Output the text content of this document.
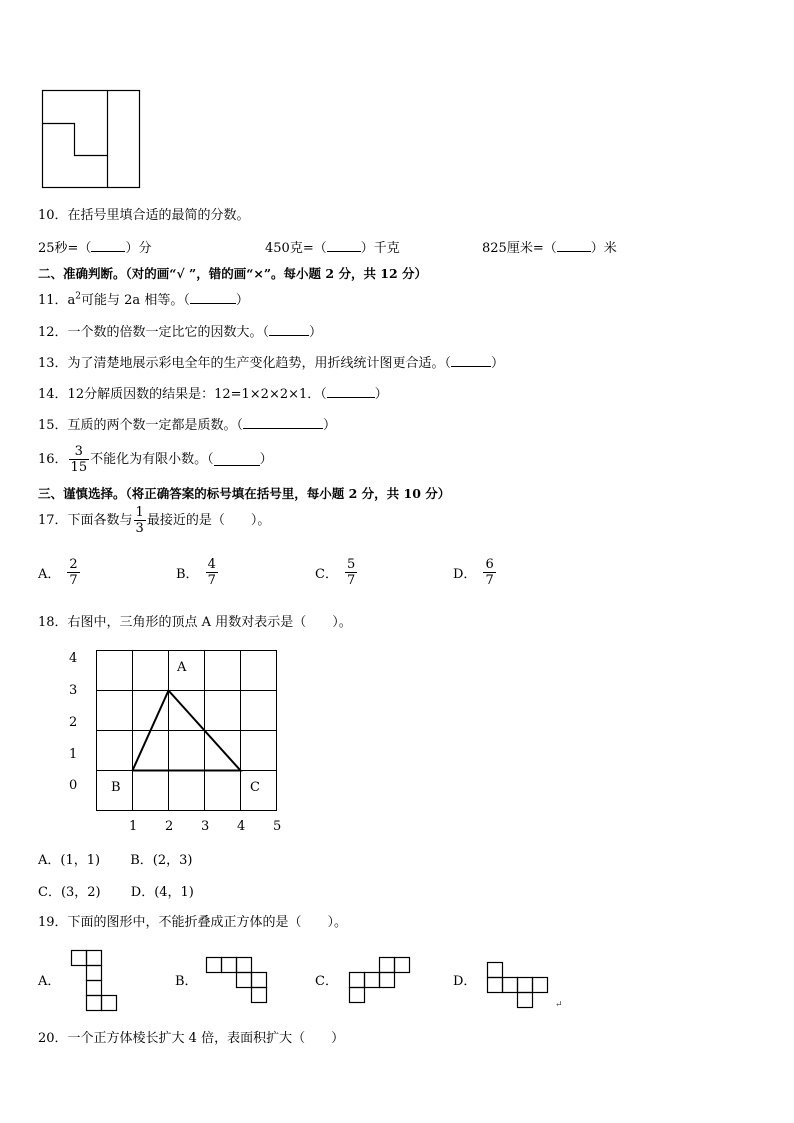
10．在括号里填合适的最简的分数。
25秒=（	）分	450克=（	）千克	825厘米=（	）米
二、准确判断。（对的画“√ ”，错的画“×”。每小题 2 分，共 12 分）
11．$a^2$可能与 2a 相等。（	）
12．一个数的倍数一定比它的因数大。（	）
13．为了清楚地展示彩电全年的生产变化趋势，用折线统计图更合适。（	）
14．12分解质因数的结果是：12=1×2×2×1．（	）
15．互质的两个数一定都是质数。（	）
16． $\frac{3}{15}$ 不能化为有限小数。（	）
三、谨慎选择。（将正确答案的标号填在括号里，每小题 2 分，共 10 分）
17．下面各数与 $\frac{1}{3}$ 最接近的是（　　）。
A． $\frac{2}{7}$	B． $\frac{4}{7}$	C． $\frac{5}{7}$	D． $\frac{6}{7}$
18．右图中，三角形的顶点 A 用数对表示是（　　）。
4
3
2
1
0
1 2 3 4 5
A
B	C
A．(1，1)　　 B．(2，3)
C．(3，2)　　 D．(4，1)
19．下面的图形中，不能折叠成正方体的是（　　）。
A．	B．	C．	D．
↵
20．一个正方体棱长扩大 4 倍，表面积扩大（　　）
